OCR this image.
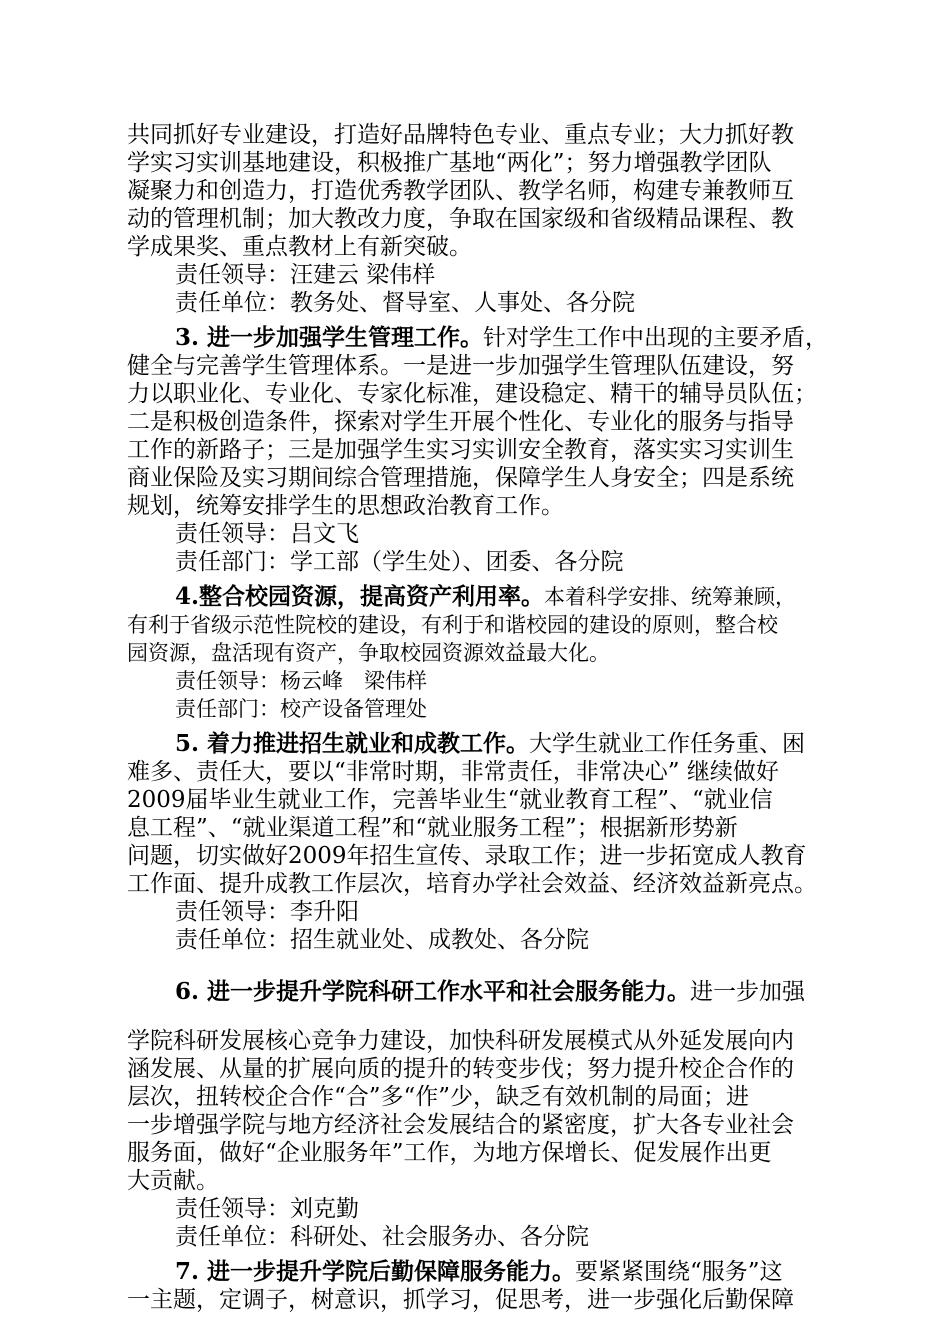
共同抓好专业建设，打造好品牌特色专业、重点专业；大力抓好教
学实习实训基地建设，积极推广基地“两化”；努力增强教学团队
凝聚力和创造力，打造优秀教学团队、教学名师，构建专兼教师互
动的管理机制；加大教改力度，争取在国家级和省级精品课程、教
学成果奖、重点教材上有新突破。
责任领导：汪建云 梁伟样
责任单位：教务处、督导室、人事处、各分院
3. 进一步加强学生管理工作。针对学生工作中出现的主要矛盾，
健全与完善学生管理体系。一是进一步加强学生管理队伍建设，努
力以职业化、专业化、专家化标准，建设稳定、精干的辅导员队伍；
二是积极创造条件，探索对学生开展个性化、专业化的服务与指导
工作的新路子；三是加强学生实习实训安全教育，落实实习实训生
商业保险及实习期间综合管理措施，保障学生人身安全；四是系统
规划，统筹安排学生的思想政治教育工作。
责任领导：吕文飞
责任部门：学工部（学生处）、团委、各分院
4.整合校园资源，提高资产利用率。本着科学安排、统筹兼顾，
有利于省级示范性院校的建设，有利于和谐校园的建设的原则，整合校
园资源，盘活现有资产，争取校园资源效益最大化。
责任领导：杨云峰　梁伟样
责任部门：校产设备管理处
5. 着力推进招生就业和成教工作。大学生就业工作任务重、困
难多、责任大，要以“非常时期，非常责任，非常决心” 继续做好
2009届毕业生就业工作，完善毕业生“就业教育工程”、“就业信
息工程”、“就业渠道工程”和“就业服务工程”；根据新形势新
问题，切实做好2009年招生宣传、录取工作；进一步拓宽成人教育
工作面、提升成教工作层次，培育办学社会效益、经济效益新亮点。
责任领导：李升阳
责任单位：招生就业处、成教处、各分院
6. 进一步提升学院科研工作水平和社会服务能力。进一步加强
学院科研发展核心竞争力建设，加快科研发展模式从外延发展向内
涵发展、从量的扩展向质的提升的转变步伐；努力提升校企合作的
层次，扭转校企合作“合”多“作”少，缺乏有效机制的局面；进
一步增强学院与地方经济社会发展结合的紧密度，扩大各专业社会
服务面，做好“企业服务年”工作，为地方保增长、促发展作出更
大贡献。
责任领导：刘克勤
责任单位：科研处、社会服务办、各分院
7. 进一步提升学院后勤保障服务能力。要紧紧围绕“服务”这
一主题，定调子，树意识，抓学习，促思考，进一步强化后勤保障
